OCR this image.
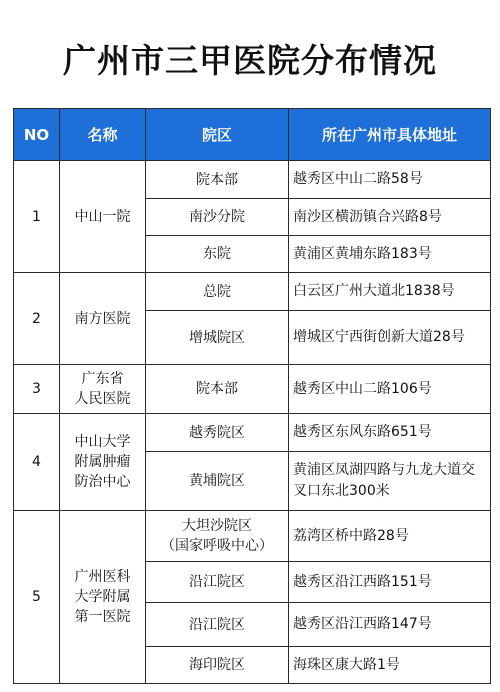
广州市三甲医院分布情况
NO	名称	院区	所在广州市具体地址
1	中山一院	院本部	越秀区中山二路58号

		南沙分院	南沙区横沥镇合兴路8号

		东院	黄浦区黄埔东路183号
2	南方医院	总院	白云区广州大道北1838号

		增城院区	增城区宁西街创新大道28号
3	广东省
人民医院	院本部	越秀区中山二路106号
4	中山大学
附属肿瘤
防治中心	越秀院区	越秀区东风东路651号

		黄埔院区	黄浦区凤湖四路与九龙大道交叉口东北300米
5	广州医科
大学附属
第一医院	大坦沙院区
（国家呼吸中心）	荔湾区桥中路28号

		沿江院区	越秀区沿江西路151号

		沿江院区	越秀区沿江西路147号

		海印院区	海珠区康大路1号
